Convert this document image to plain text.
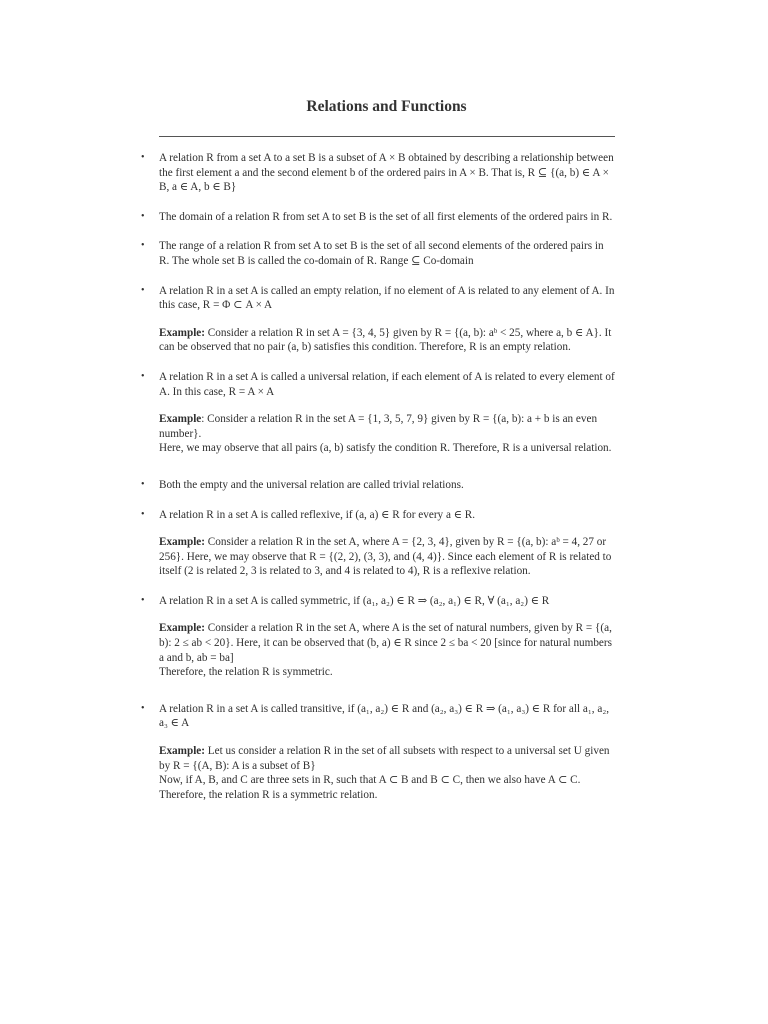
Relations and Functions
• A relation R from a set A to a set B is a subset of A × B obtained by describing a relationship between the first element a and the second element b of the ordered pairs in A × B. That is, R ⊆ {(a, b) ∈ A × B, a ∈ A, b ∈ B}

• The domain of a relation R from set A to set B is the set of all first elements of the ordered pairs in R.

• The range of a relation R from set A to set B is the set of all second elements of the ordered pairs in R. The whole set B is called the co-domain of R. Range ⊆ Co-domain

• A relation R in a set A is called an empty relation, if no element of A is related to any element of A. In this case, R = Φ ⊂ A × A

Example: Consider a relation R in set A = {3, 4, 5} given by R = {(a, b): aᵇ < 25, where a, b ∈ A}. It can be observed that no pair (a, b) satisfies this condition. Therefore, R is an empty relation.

• A relation R in a set A is called a universal relation, if each element of A is related to every element of A. In this case, R = A × A

Example: Consider a relation R in the set A = {1, 3, 5, 7, 9} given by R = {(a, b): a + b is an even number}.

Here, we may observe that all pairs (a, b) satisfy the condition R. Therefore, R is a universal relation.

• Both the empty and the universal relation are called trivial relations.

• A relation R in a set A is called reflexive, if (a, a) ∈ R for every a ∈ R.

Example: Consider a relation R in the set A, where A = {2, 3, 4}, given by R = {(a, b): aᵇ = 4, 27 or 256}. Here, we may observe that R = {(2, 2), (3, 3), and (4, 4)}. Since each element of R is related to itself (2 is related 2, 3 is related to 3, and 4 is related to 4), R is a reflexive relation.

• A relation R in a set A is called symmetric, if (a₁, a₂) ∈ R ⇒ (a₂, a₁) ∈ R, ∀ (a₁, a₂) ∈ R

Example: Consider a relation R in the set A, where A is the set of natural numbers, given by R = {(a, b): 2 ≤ ab < 20}. Here, it can be observed that (b, a) ∈ R since 2 ≤ ba < 20 [since for natural numbers a and b, ab = ba]

Therefore, the relation R is symmetric.

• A relation R in a set A is called transitive, if (a₁, a₂) ∈ R and (a₂, a₃) ∈ R ⇒ (a₁, a₃) ∈ R for all a₁, a₂, a₃ ∈ A

Example: Let us consider a relation R in the set of all subsets with respect to a universal set U given by R = {(A, B): A is a subset of B}

Now, if A, B, and C are three sets in R, such that A ⊂ B and B ⊂ C, then we also have A ⊂ C. Therefore, the relation R is a symmetric relation.
